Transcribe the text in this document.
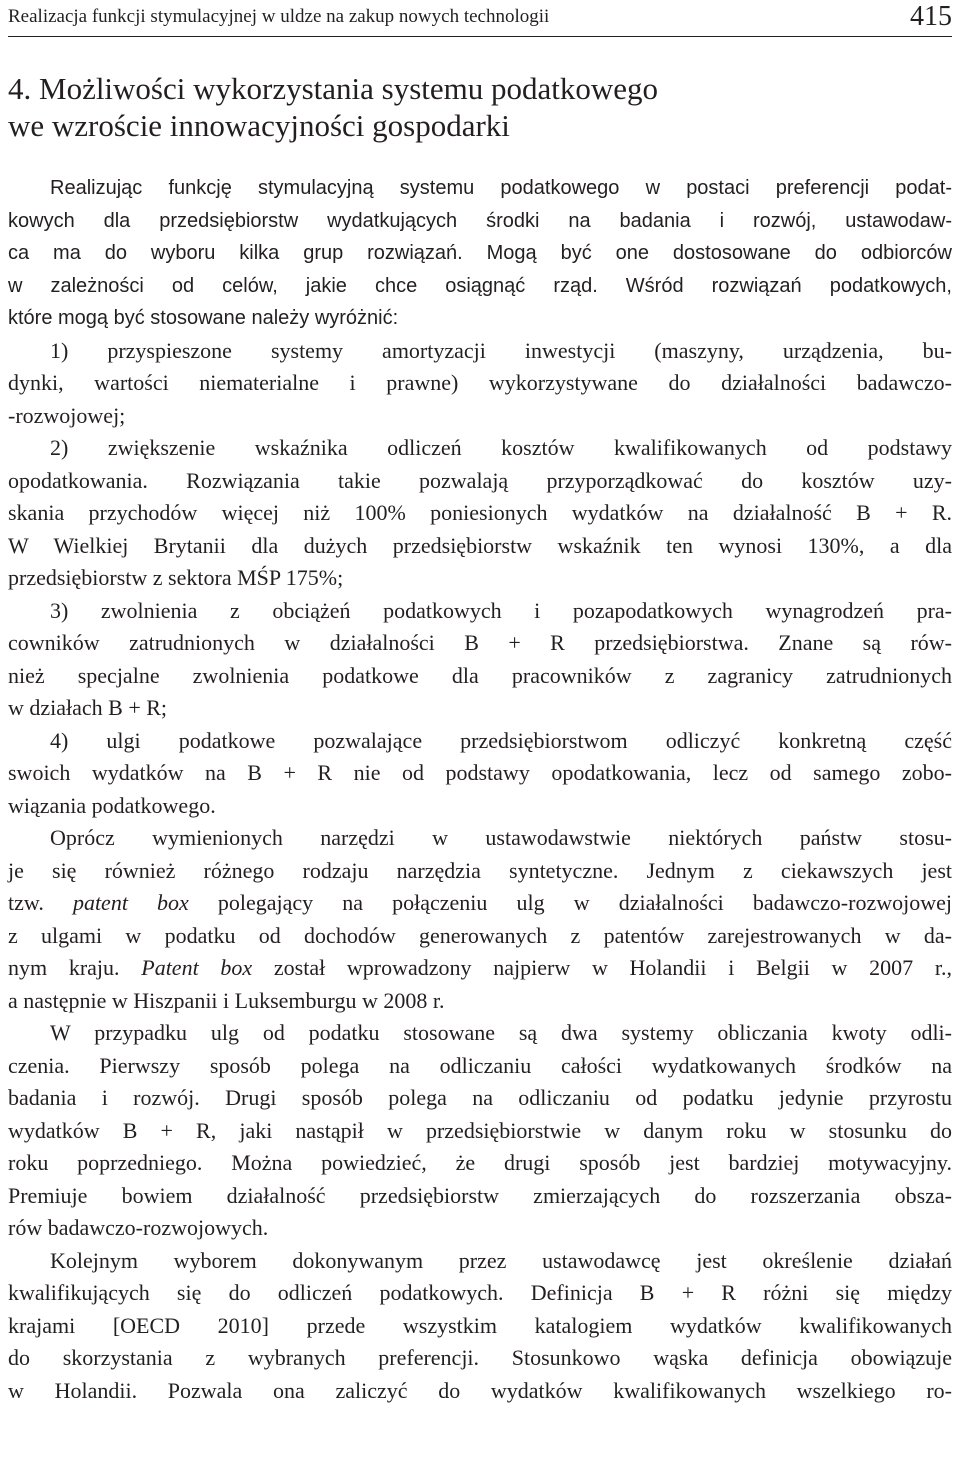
Realizacja funkcji stymulacyjnej w uldze na zakup nowych technologii	415
4. Możliwości wykorzystania systemu podatkowego
we wzroście innowacyjności gospodarki
Realizując funkcję stymulacyjną systemu podatkowego w postaci preferencji podat-
kowych dla przedsiębiorstw wydatkujących środki na badania i rozwój, ustawodaw-
ca ma do wyboru kilka grup rozwiązań. Mogą być one dostosowane do odbiorców
w zależności od celów, jakie chce osiągnąć rząd. Wśród rozwiązań podatkowych,
które mogą być stosowane należy wyróżnić:
1) przyspieszone systemy amortyzacji inwestycji (maszyny, urządzenia, bu-
dynki, wartości niematerialne i prawne) wykorzystywane do działalności badawczo-
-rozwojowej;
2) zwiększenie wskaźnika odliczeń kosztów kwalifikowanych od podstawy
opodatkowania. Rozwiązania takie pozwalają przyporządkować do kosztów uzy-
skania przychodów więcej niż 100% poniesionych wydatków na działalność B + R.
W Wielkiej Brytanii dla dużych przedsiębiorstw wskaźnik ten wynosi 130%, a dla
przedsiębiorstw z sektora MŚP 175%;
3) zwolnienia z obciążeń podatkowych i pozapodatkowych wynagrodzeń pra-
cowników zatrudnionych w działalności B + R przedsiębiorstwa. Znane są rów-
nież specjalne zwolnienia podatkowe dla pracowników z zagranicy zatrudnionych
w działach B + R;
4) ulgi podatkowe pozwalające przedsiębiorstwom odliczyć konkretną część
swoich wydatków na B + R nie od podstawy opodatkowania, lecz od samego zobo-
wiązania podatkowego.
Oprócz wymienionych narzędzi w ustawodawstwie niektórych państw stosu-
je się również różnego rodzaju narzędzia syntetyczne. Jednym z ciekawszych jest
tzw. patent box polegający na połączeniu ulg w działalności badawczo-rozwojowej
z ulgami w podatku od dochodów generowanych z patentów zarejestrowanych w da-
nym kraju. Patent box został wprowadzony najpierw w Holandii i Belgii w 2007 r.,
a następnie w Hiszpanii i Luksemburgu w 2008 r.
W przypadku ulg od podatku stosowane są dwa systemy obliczania kwoty odli-
czenia. Pierwszy sposób polega na odliczaniu całości wydatkowanych środków na
badania i rozwój. Drugi sposób polega na odliczaniu od podatku jedynie przyrostu
wydatków B + R, jaki nastąpił w przedsiębiorstwie w danym roku w stosunku do
roku poprzedniego. Można powiedzieć, że drugi sposób jest bardziej motywacyjny.
Premiuje bowiem działalność przedsiębiorstw zmierzających do rozszerzania obsza-
rów badawczo-rozwojowych.
Kolejnym wyborem dokonywanym przez ustawodawcę jest określenie działań
kwalifikujących się do odliczeń podatkowych. Definicja B + R różni się między
krajami [OECD 2010] przede wszystkim katalogiem wydatków kwalifikowanych
do skorzystania z wybranych preferencji. Stosunkowo wąska definicja obowiązuje
w Holandii. Pozwala ona zaliczyć do wydatków kwalifikowanych wszelkiego ro-
